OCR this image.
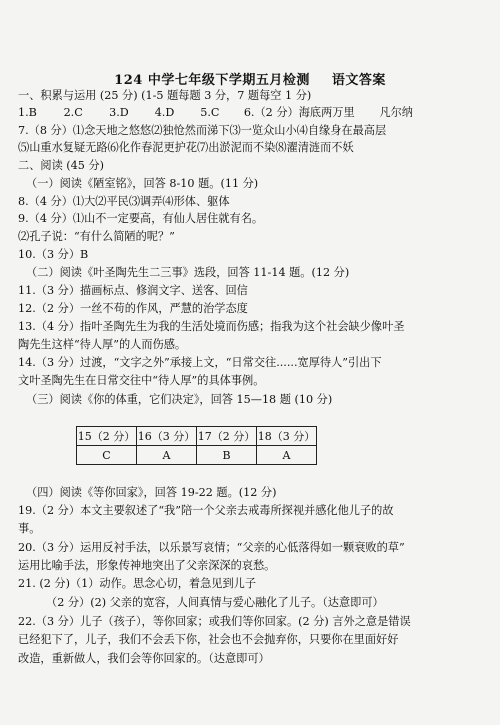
124 中学七年级下学期五月检测 语文答案
一、积累与运用 (25 分) (1-5 题每题 3 分，7 题每空 1 分)
1.B 2.C 3.D 4.D 5.C 6.（2 分）海底两万里 凡尔纳
7.（8 分）⑴念天地之悠悠⑵独怆然而涕下⑶一览众山小⑷自缘身在最高层
⑸山重水复疑无路⑹化作春泥更护花⑺出淤泥而不染⑻濯清涟而不妖
二、阅读 (45 分)
（一）阅读《陋室铭》，回答 8-10 题。(11 分)
8.（4 分）⑴大⑵平民⑶调弄⑷形体、躯体
9.（4 分）⑴山不一定要高，有仙人居住就有名。
⑵孔子说：“有什么简陋的呢？”
10.（3 分）B
（二）阅读《叶圣陶先生二三事》选段，回答 11-14 题。(12 分)
11.（3 分）描画标点、修润文字、送客、回信
12.（2 分）一丝不苟的作风，严慧的治学态度
13.（4 分）指叶圣陶先生为我的生活处境而伤感；指我为这个社会缺少像叶圣
陶先生这样“待人厚”的人而伤感。
14.（3 分）过渡，“文字之外”承接上文，“日常交往......宽厚待人”引出下
文叶圣陶先生在日常交往中“待人厚”的具体事例。
（三）阅读《你的体重，它们决定》，回答 15—18 题 (10 分)
15（2 分）	16（3 分）	17（2 分）	18（3 分）
C	A	B	A
（四）阅读《等你回家》，回答 19-22 题。(12 分)
19.（2 分）本文主要叙述了“我”陪一个父亲去戒毒所探视并感化他儿子的故
事。
20.（3 分）运用反衬手法，以乐景写哀情；“父亲的心低落得如一颗衰败的草”
运用比喻手法，形象传神地突出了父亲深深的哀愁。
21. (2 分)（1）动作。思念心切，着急见到儿子
（2 分）(2) 父亲的宽容，人间真情与爱心融化了儿子。（达意即可）
22.（3 分）儿子（孩子），等你回家；或我们等你回家。(2 分) 言外之意是错误
已经犯下了，儿子，我们不会丢下你，社会也不会抛弃你，只要你在里面好好
改造，重新做人，我们会等你回家的。（达意即可）
